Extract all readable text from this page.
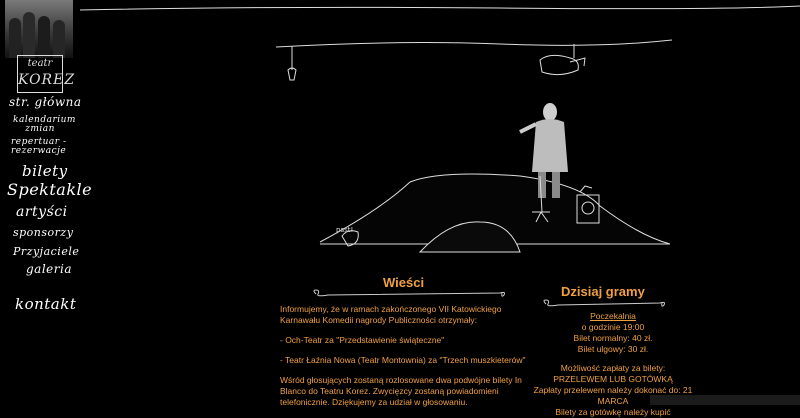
teatr
KOREZ
str. główna
kalendarium zmian
repertuar - rezerwacje
bilety
Spektakle
artyści
sponsorzy
Przyjaciele
galeria
kontakt
psst!
Wieści

Informujemy, że w ramach zakończonego VII Katowickiego Karnawału Komedii nagrody Publiczności otrzymały:

- Och-Teatr za "Przedstawienie świąteczne"

- Teatr Łaźnia Nowa (Teatr Montownia) za "Trzech muszkieterów"

Wśród głosujących zostaną rozlosowane dwa podwójne bilety In Blanco do Teatru Korez. Zwycięzcy zostaną powiadomieni telefonicznie. Dziękujemy za udział w głosowaniu.

Dzisiaj gramy
Poczekalnia
o godzinie 19:00
Bilet normalny: 40 zł.
Bilet ulgowy: 30 zł.
Możliwość zapłaty za bilety:
PRZELEWEM LUB GOTÓWKĄ
Zapłaty przelewem należy dokonać do: 21 MARCA
Bilety za gotówkę należy kupić
